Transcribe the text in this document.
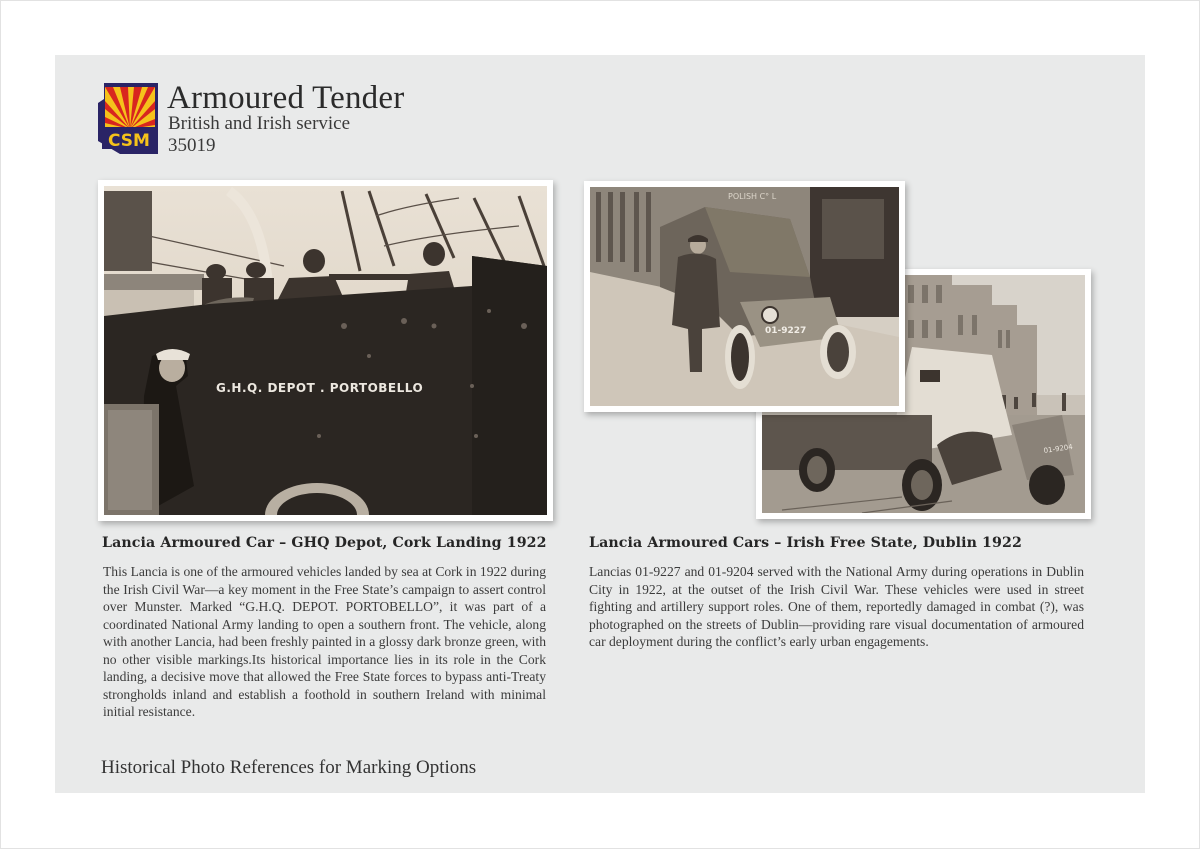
CSM
Armoured Tender
British and Irish service
35019
G.H.Q. DEPOT . PORTOBELLO
01-9204
POLISH C° L
01-9227
Lancia Armoured Car – GHQ Depot, Cork Landing 1922

This Lancia is one of the armoured vehicles landed by sea at Cork in 1922 during the Irish Civil War—a key moment in the Free State’s campaign to assert control over Munster. Marked “G.H.Q. DEPOT. PORTOBELLO”, it was part of a coordinated National Army landing to open a southern front. The vehicle, along with another Lancia, had been freshly painted in a glossy dark bronze green, with no other visible markings.Its historical importance lies in its role in the Cork landing, a decisive move that allowed the Free State forces to bypass anti-Treaty strongholds inland and establish a foothold in southern Ireland with minimal initial resistance.

Lancia Armoured Cars – Irish Free State, Dublin 1922

Lancias 01-9227 and 01-9204 served with the National Army during operations in Dublin City in 1922, at the outset of the Irish Civil War. These vehicles were used in street fighting and artillery support roles. One of them, reportedly damaged in combat (?), was photographed on the streets of Dublin—providing rare visual documentation of armoured car deployment during the conflict’s early urban engagements.

Historical Photo References for Marking Options
